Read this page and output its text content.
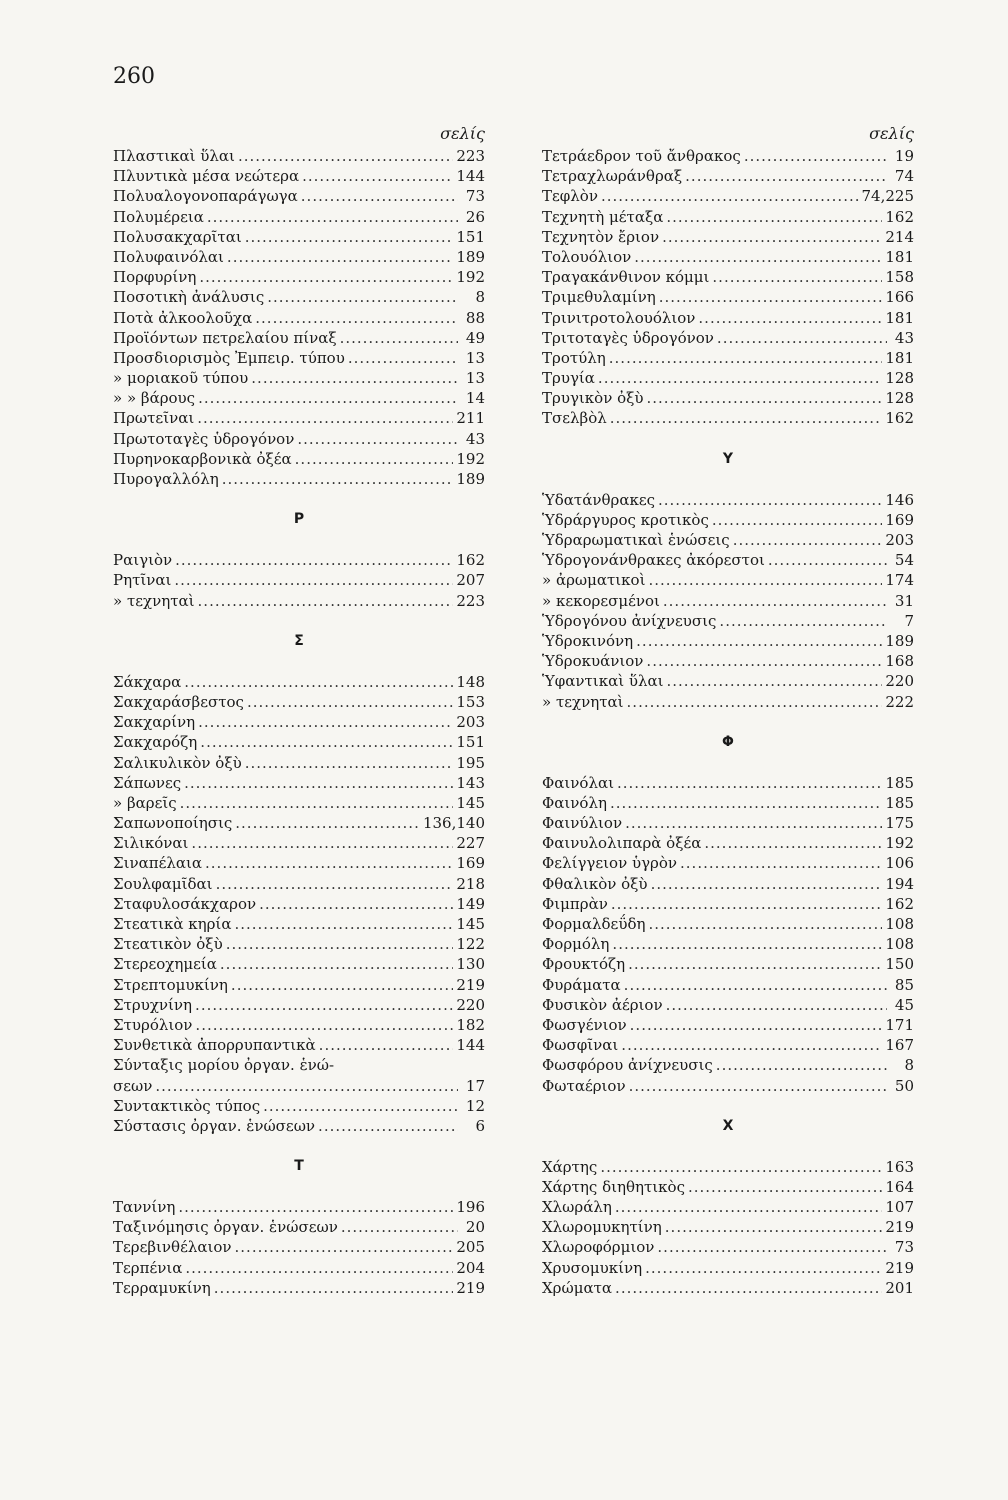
260
σελίς
Πλαστικαὶ ὕλαι .....	223
Πλυντικὰ μέσα νεώτερα .....	144
Πολυαλογονοπαράγωγα .....	73
Πολυμέρεια .....	26
Πολυσακχαρῖται .....	151
Πολυφαινόλαι .....	189
Πορφυρίνη .....	192
Ποσοτικὴ ἀνάλυσις .....	8
Ποτὰ ἀλκοολοῦχα .....	88
Προϊόντων πετρελαίου πίναξ .....	49
Προσδιορισμὸς Ἐμπειρ. τύπου .....	13
» μοριακοῦ τύπου .....	13
» » βάρους .....	14
Πρωτεῖναι .....	211
Πρωτοταγὲς ὑδρογόνον .....	43
Πυρηνοκαρβονικὰ ὀξέα .....	192
Πυρογαλλόλη .....	189
Ρ
Ραιγιὸν .....	162
Ρητῖναι .....	207
» τεχνηταὶ .....	223
Σ
Σάκχαρα .....	148
Σακχαράσβεστος .....	153
Σακχαρίνη .....	203
Σακχαρόζη .....	151
Σαλικυλικὸν ὀξὺ .....	195
Σάπωνες .....	143
» βαρεῖς .....	145
Σαπωνοποίησις .....	136,140
Σιλικόναι .....	227
Σιναπέλαια .....	169
Σουλφαμῖδαι .....	218
Σταφυλοσάκχαρον .....	149
Στεατικὰ κηρία .....	145
Στεατικὸν ὀξὺ .....	122
Στερεοχημεία .....	130
Στρεπτομυκίνη .....	219
Στρυχνίνη .....	220
Στυρόλιον .....	182
Συνθετικὰ ἀπορρυπαντικὰ .....	144
Σύνταξις μορίου ὀργαν. ἑνώ-
σεων .....	17
Συντακτικὸς τύπος .....	12
Σύστασις ὀργαν. ἑνώσεων .....	6
Τ
Ταννίνη .....	196
Ταξινόμησις ὀργαν. ἑνώσεων .....	20
Τερεβινθέλαιον .....	205
Τερπένια .....	204
Τερραμυκίνη .....	219
σελίς
Τετράεδρον τοῦ ἄνθρακος .....	19
Τετραχλωράνθραξ .....	74
Τεφλὸν .....	74,225
Τεχνητὴ μέταξα .....	162
Τεχνητὸν ἔριον .....	214
Τολουόλιον .....	181
Τραγακάνθινον κόμμι .....	158
Τριμεθυλαμίνη .....	166
Τρινιτροτολουόλιον .....	181
Τριτοταγὲς ὑδρογόνον .....	43
Τροτύλη .....	181
Τρυγία .....	128
Τρυγικὸν ὀξὺ .....	128
Τσελβὸλ .....	162
Υ
Ὑδατάνθρακες .....	146
Ὑδράργυρος κροτικὸς .....	169
Ὑδραρωματικαὶ ἑνώσεις .....	203
Ὑδρογονάνθρακες ἀκόρεστοι .....	54
» ἀρωματικοὶ .....	174
» κεκορεσμένοι .....	31
Ὑδρογόνου ἀνίχνευσις .....	7
Ὑδροκινόνη .....	189
Ὑδροκυάνιον .....	168
Ὑφαντικαὶ ὕλαι .....	220
» τεχνηταὶ .....	222
Φ
Φαινόλαι .....	185
Φαινόλη .....	185
Φαινύλιον .....	175
Φαινυλολιπαρὰ ὀξέα .....	192
Φελίγγειον ὑγρὸν .....	106
Φθαλικὸν ὀξὺ .....	194
Φιμπρὰν .....	162
Φορμαλδεΰδη .....	108
Φορμόλη .....	108
Φρουκτόζη .....	150
Φυράματα .....	85
Φυσικὸν ἀέριον .....	45
Φωσγένιον .....	171
Φωσφῖναι .....	167
Φωσφόρου ἀνίχνευσις .....	8
Φωταέριον .....	50
Χ
Χάρτης .....	163
Χάρτης διηθητικὸς .....	164
Χλωράλη .....	107
Χλωρομυκητίνη .....	219
Χλωροφόρμιον .....	73
Χρυσομυκίνη .....	219
Χρώματα .....	201
